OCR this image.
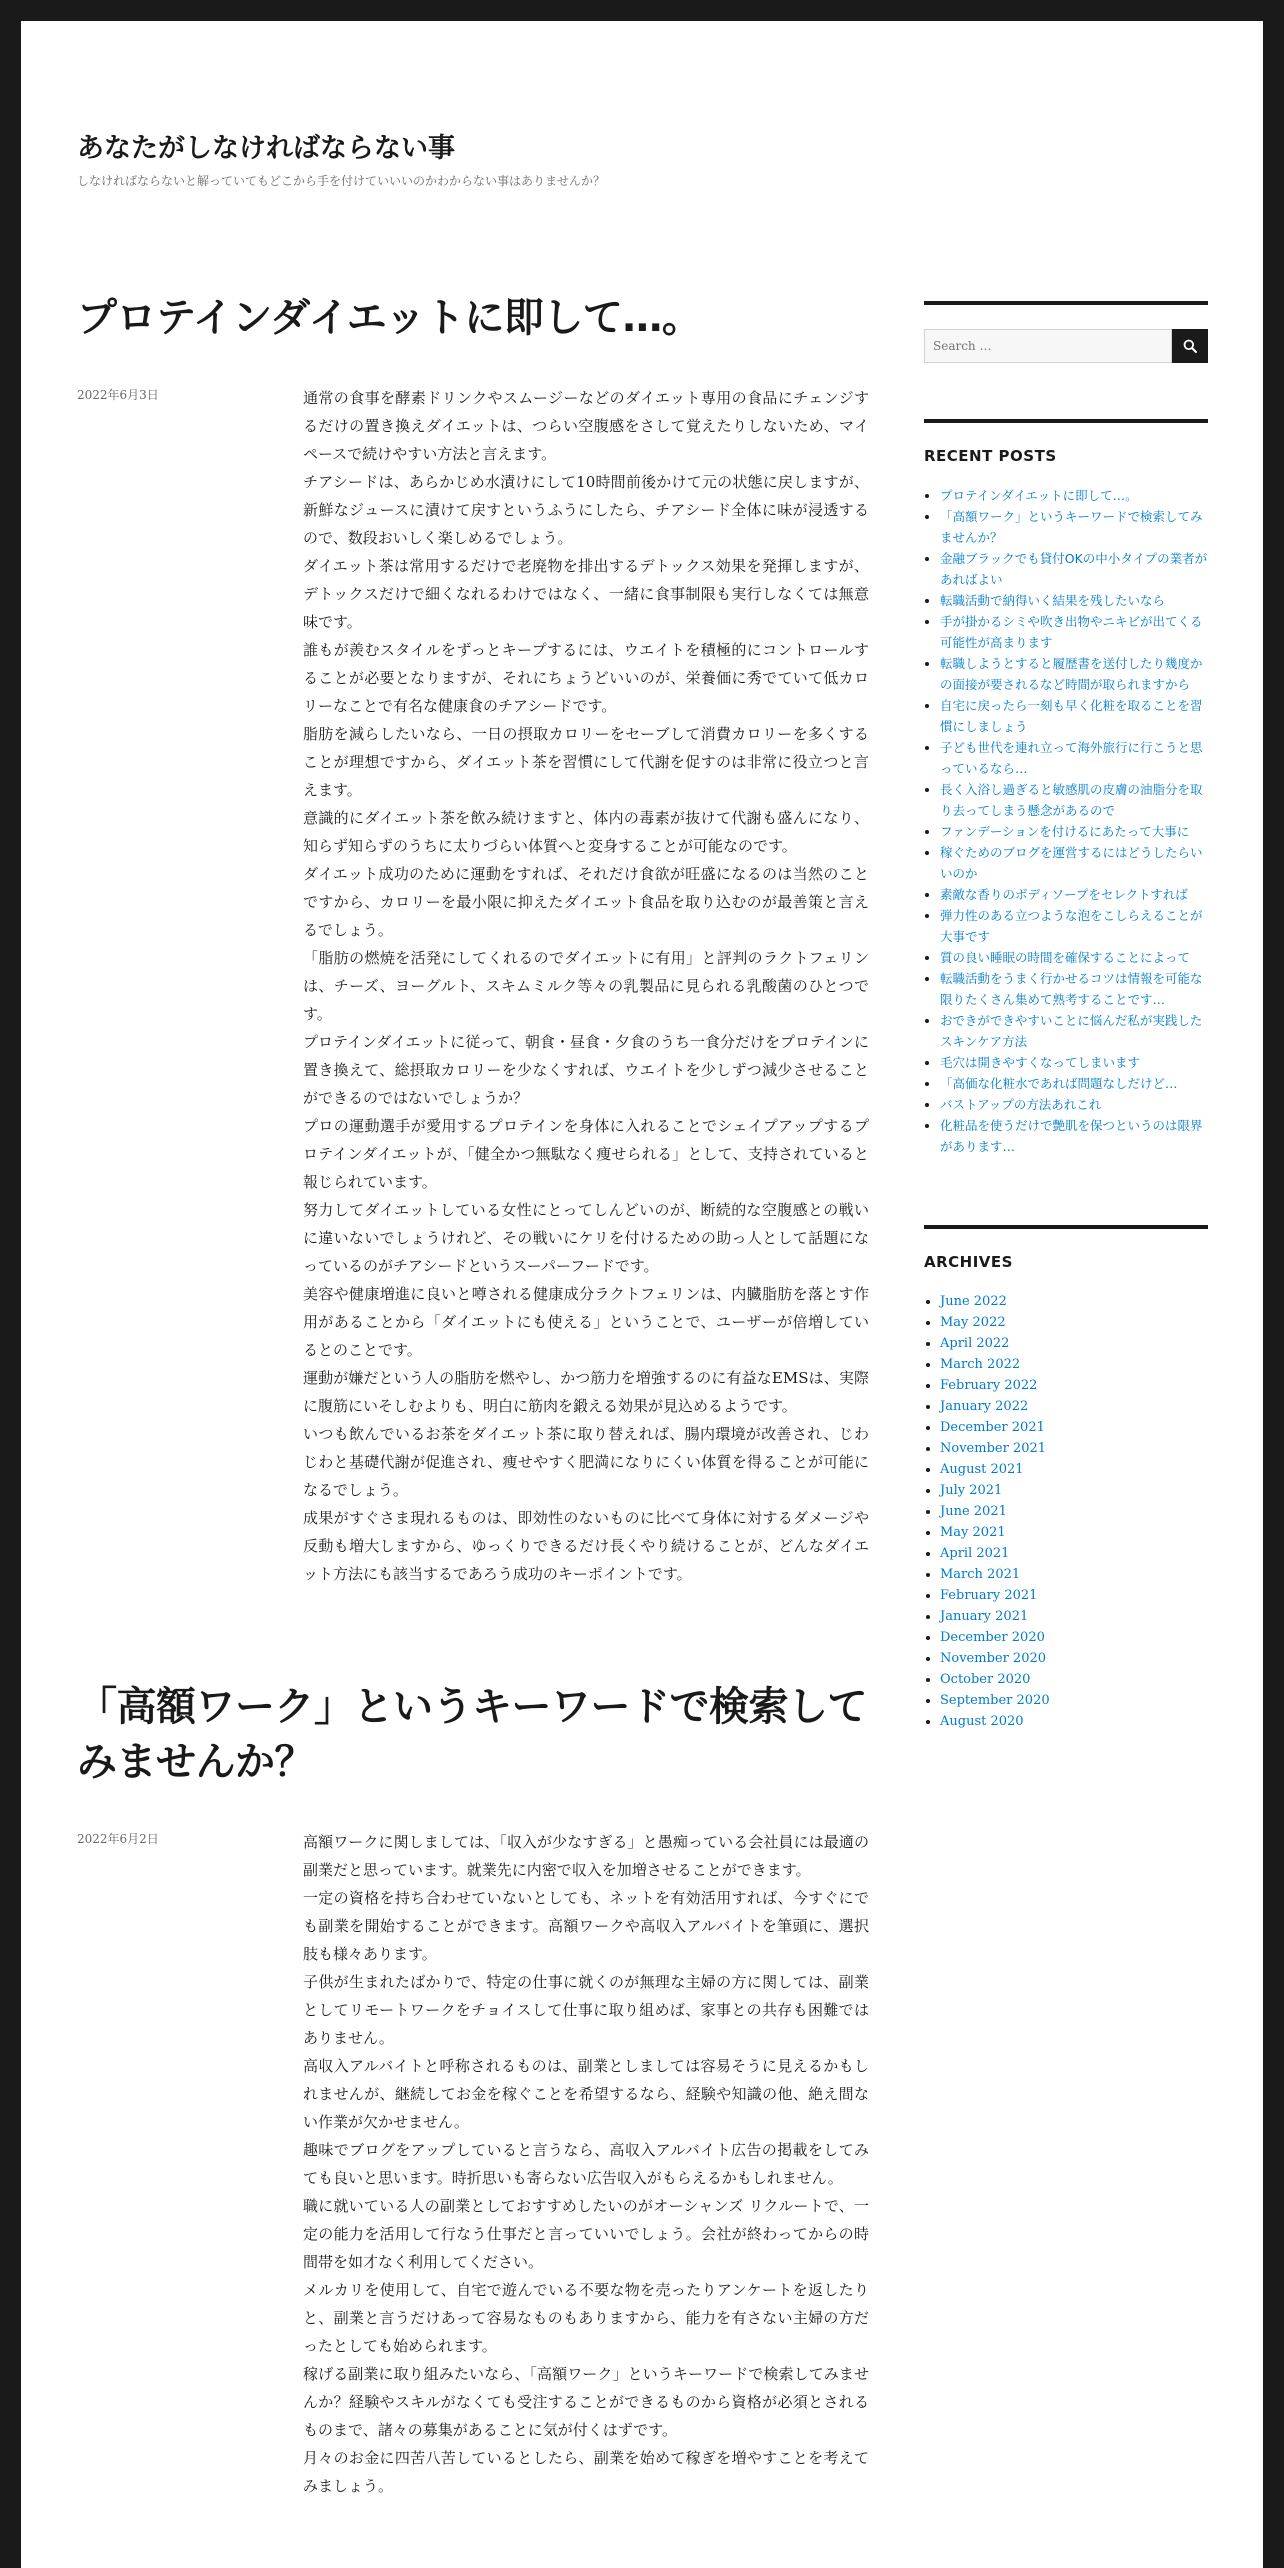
あなたがしなければならない事

しなければならないと解っていてもどこから手を付けていいいのかわからない事はありませんか？

プロテインダイエットに即して…。
2022年6月3日	通常の食事を酵素ドリンクやスムージーなどのダイエット専用の食品にチェンジするだけの置き換えダイエットは、つらい空腹感をさして覚えたりしないため、マイペースで続けやすい方法と言えます。

チアシードは、あらかじめ水漬けにして10時間前後かけて元の状態に戻しますが、新鮮なジュースに漬けて戻すというふうにしたら、チアシード全体に味が浸透するので、数段おいしく楽しめるでしょう。

ダイエット茶は常用するだけで老廃物を排出するデトックス効果を発揮しますが、デトックスだけで細くなれるわけではなく、一緒に食事制限も実行しなくては無意味です。

誰もが羨むスタイルをずっとキープするには、ウエイトを積極的にコントロールすることが必要となりますが、それにちょうどいいのが、栄養価に秀でていて低カロリーなことで有名な健康食のチアシードです。

脂肪を減らしたいなら、一日の摂取カロリーをセーブして消費カロリーを多くすることが理想ですから、ダイエット茶を習慣にして代謝を促すのは非常に役立つと言えます。

意識的にダイエット茶を飲み続けますと、体内の毒素が抜けて代謝も盛んになり、知らず知らずのうちに太りづらい体質へと変身することが可能なのです。

ダイエット成功のために運動をすれば、それだけ食欲が旺盛になるのは当然のことですから、カロリーを最小限に抑えたダイエット食品を取り込むのが最善策と言えるでしょう。

「脂肪の燃焼を活発にしてくれるのでダイエットに有用」と評判のラクトフェリンは、チーズ、ヨーグルト、スキムミルク等々の乳製品に見られる乳酸菌のひとつです。

プロテインダイエットに従って、朝食・昼食・夕食のうち一食分だけをプロテインに置き換えて、総摂取カロリーを少なくすれば、ウエイトを少しずつ減少させることができるのではないでしょうか？

プロの運動選手が愛用するプロテインを身体に入れることでシェイプアップするプロテインダイエットが、「健全かつ無駄なく痩せられる」として、支持されていると報じられています。

努力してダイエットしている女性にとってしんどいのが、断続的な空腹感との戦いに違いないでしょうけれど、その戦いにケリを付けるための助っ人として話題になっているのがチアシードというスーパーフードです。

美容や健康増進に良いと噂される健康成分ラクトフェリンは、内臓脂肪を落とす作用があることから「ダイエットにも使える」ということで、ユーザーが倍増しているとのことです。

運動が嫌だという人の脂肪を燃やし、かつ筋力を増強するのに有益なEMSは、実際に腹筋にいそしむよりも、明白に筋肉を鍛える効果が見込めるようです。

いつも飲んでいるお茶をダイエット茶に取り替えれば、腸内環境が改善され、じわじわと基礎代謝が促進され、痩せやすく肥満になりにくい体質を得ることが可能になるでしょう。

成果がすぐさま現れるものは、即効性のないものに比べて身体に対するダメージや反動も増大しますから、ゆっくりできるだけ長くやり続けることが、どんなダイエット方法にも該当するであろう成功のキーポイントです。

「高額ワーク」というキーワードで検索してみませんか？
2022年6月2日	高額ワークに関しましては、「収入が少なすぎる」と愚痴っている会社員には最適の副業だと思っています。就業先に内密で収入を加増させることができます。

一定の資格を持ち合わせていないとしても、ネットを有効活用すれば、今すぐにでも副業を開始することができます。高額ワークや高収入アルバイトを筆頭に、選択肢も様々あります。

子供が生まれたばかりで、特定の仕事に就くのが無理な主婦の方に関しては、副業としてリモートワークをチョイスして仕事に取り組めば、家事との共存も困難ではありません。

高収入アルバイトと呼称されるものは、副業としましては容易そうに見えるかもしれませんが、継続してお金を稼ぐことを希望するなら、経験や知識の他、絶え間ない作業が欠かせません。

趣味でブログをアップしていると言うなら、高収入アルバイト広告の掲載をしてみても良いと思います。時折思いも寄らない広告収入がもらえるかもしれません。

職に就いている人の副業としておすすめしたいのがオーシャンズ リクルートで、一定の能力を活用して行なう仕事だと言っていいでしょう。会社が終わってからの時間帯を如才なく利用してください。

メルカリを使用して、自宅で遊んでいる不要な物を売ったりアンケートを返したりと、副業と言うだけあって容易なものもありますから、能力を有さない主婦の方だったとしても始められます。

稼げる副業に取り組みたいなら、「高額ワーク」というキーワードで検索してみませんか？経験やスキルがなくても受注することができるものから資格が必須とされるものまで、諸々の募集があることに気が付くはずです。

月々のお金に四苦八苦しているとしたら、副業を始めて稼ぎを増やすことを考えてみましょう。

Search …
RECENT POSTS
• プロテインダイエットに即して…。
• 「高額ワーク」というキーワードで検索してみませんか？
• 金融ブラックでも貸付OKの中小タイプの業者があればよい
• 転職活動で納得いく結果を残したいなら
• 手が掛かるシミや吹き出物やニキビが出てくる可能性が高まります
• 転職しようとすると履歴書を送付したり幾度かの面接が要されるなど時間が取られますから
• 自宅に戻ったら一刻も早く化粧を取ることを習慣にしましょう
• 子ども世代を連れ立って海外旅行に行こうと思っているなら…
• 長く入浴し過ぎると敏感肌の皮膚の油脂分を取り去ってしまう懸念があるので
• ファンデーションを付けるにあたって大事に
• 稼ぐためのブログを運営するにはどうしたらいいのか
• 素敵な香りのボディソープをセレクトすれば
• 弾力性のある立つような泡をこしらえることが大事です
• 質の良い睡眠の時間を確保することによって
• 転職活動をうまく行かせるコツは情報を可能な限りたくさん集めて熟考することです…
• おできができやすいことに悩んだ私が実践したスキンケア方法
• 毛穴は開きやすくなってしまいます
• 「高価な化粧水であれば問題なしだけど…
• バストアップの方法あれこれ
• 化粧品を使うだけで艶肌を保つというのは限界があります…
ARCHIVES
• June 2022
• May 2022
• April 2022
• March 2022
• February 2022
• January 2022
• December 2021
• November 2021
• August 2021
• July 2021
• June 2021
• May 2021
• April 2021
• March 2021
• February 2021
• January 2021
• December 2020
• November 2020
• October 2020
• September 2020
• August 2020
